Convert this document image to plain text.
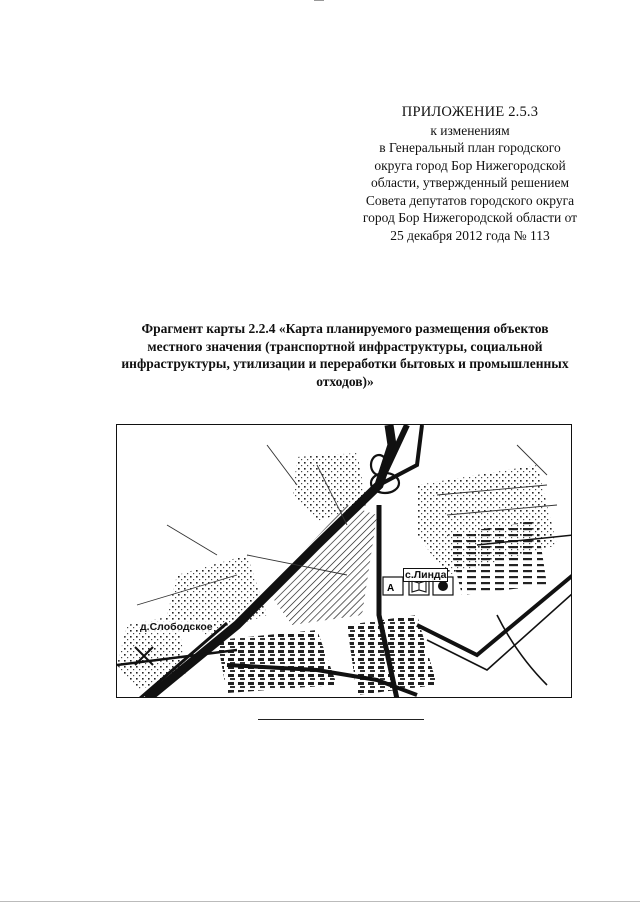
ПРИЛОЖЕНИЕ 2.5.3
к изменениям
в Генеральный план городского
округа город Бор Нижегородской
области, утвержденный решением
Совета депутатов городского округа
город Бор Нижегородской области от
25 декабря 2012 года № 113
Фрагмент карты 2.2.4 «Карта планируемого размещения объектов
местного значения (транспортной инфраструктуры, социальной
инфраструктуры, утилизации и переработки бытовых и промышленных
отходов)»
A
д.Слободское
с.Линда
